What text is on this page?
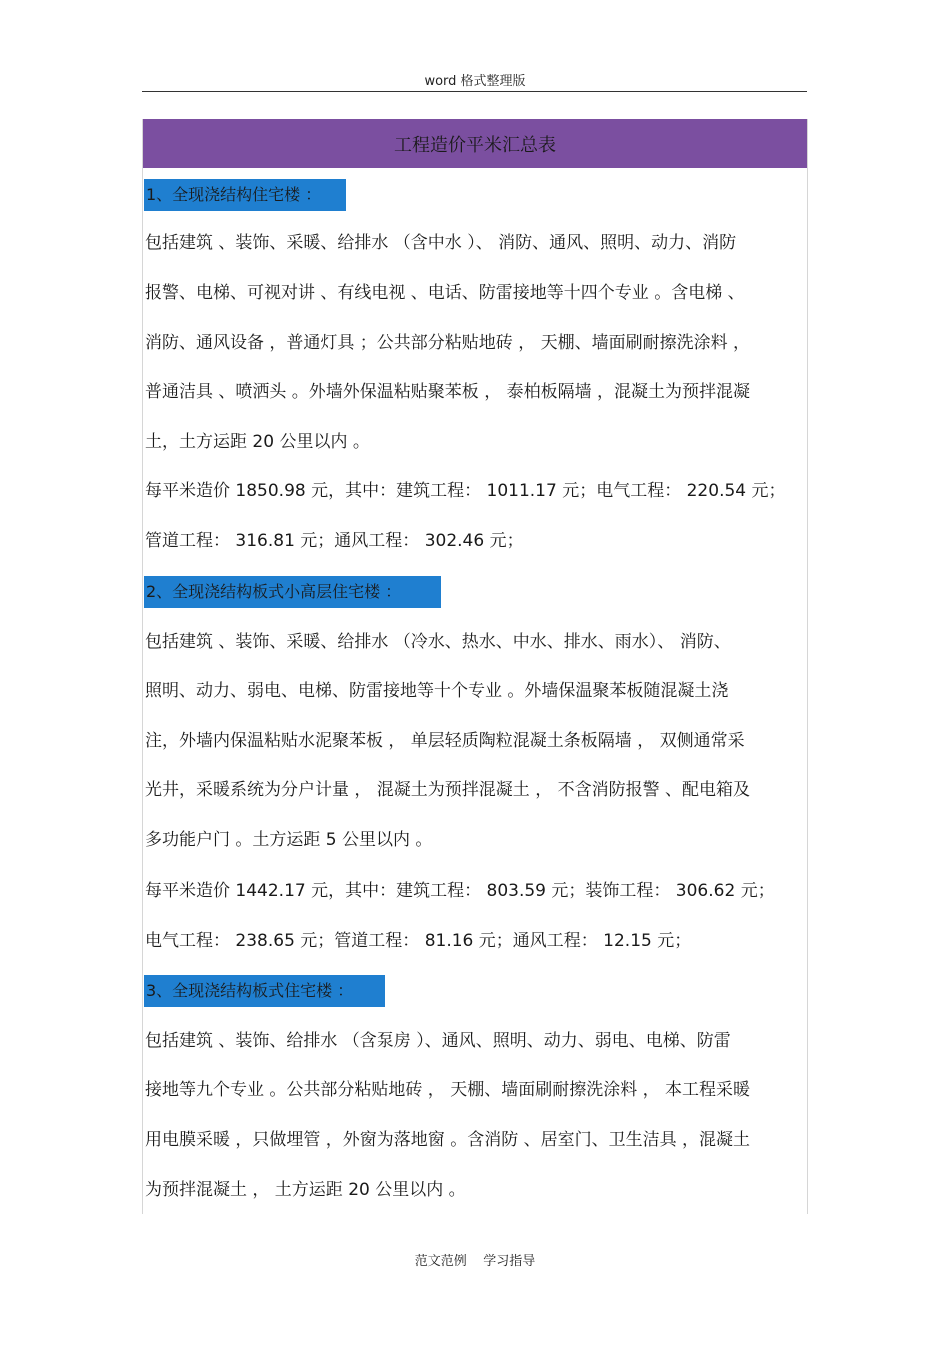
word 格式整理版
工程造价平米汇总表
1、全现浇结构住宅楼 ：
包括建筑 、装饰、采暖、给排水 （含中水 ）、 消防、通风、照明、动力、消防
报警、电梯、可视对讲 、有线电视 、电话、防雷接地等十四个专业 。含电梯 、
消防、通风设备 ，普通灯具 ；公共部分粘贴地砖 ， 天棚、墙面刷耐擦洗涂料 ，
普通洁具 、喷洒头 。外墙外保温粘贴聚苯板 ， 泰柏板隔墙 ，混凝土为预拌混凝
土，土方运距 20 公里以内 。
每平米造价 1850.98 元，其中：建筑工程： 1011.17 元；电气工程： 220.54 元；
管道工程： 316.81 元；通风工程： 302.46 元；
2、全现浇结构板式小高层住宅楼 ：
包括建筑 、装饰、采暖、给排水 （冷水、热水、中水、排水、雨水）、 消防、
照明、动力、弱电、电梯、防雷接地等十个专业 。外墙保温聚苯板随混凝土浇
注，外墙内保温粘贴水泥聚苯板 ， 单层轻质陶粒混凝土条板隔墙 ， 双侧通常采
光井，采暖系统为分户计量 ， 混凝土为预拌混凝土 ， 不含消防报警 、配电箱及
多功能户门 。土方运距 5 公里以内 。
每平米造价 1442.17 元，其中：建筑工程： 803.59 元；装饰工程： 306.62 元；
电气工程： 238.65 元；管道工程： 81.16 元；通风工程： 12.15 元；
3、全现浇结构板式住宅楼 ：
包括建筑 、装饰、给排水 （含泵房 ）、通风、照明、动力、弱电、电梯、防雷
接地等九个专业 。公共部分粘贴地砖 ， 天棚、墙面刷耐擦洗涂料 ， 本工程采暖
用电膜采暖 ，只做埋管 ，外窗为落地窗 。含消防 、居室门、卫生洁具 ，混凝土
为预拌混凝土 ， 土方运距 20 公里以内 。
范文范例    学习指导
